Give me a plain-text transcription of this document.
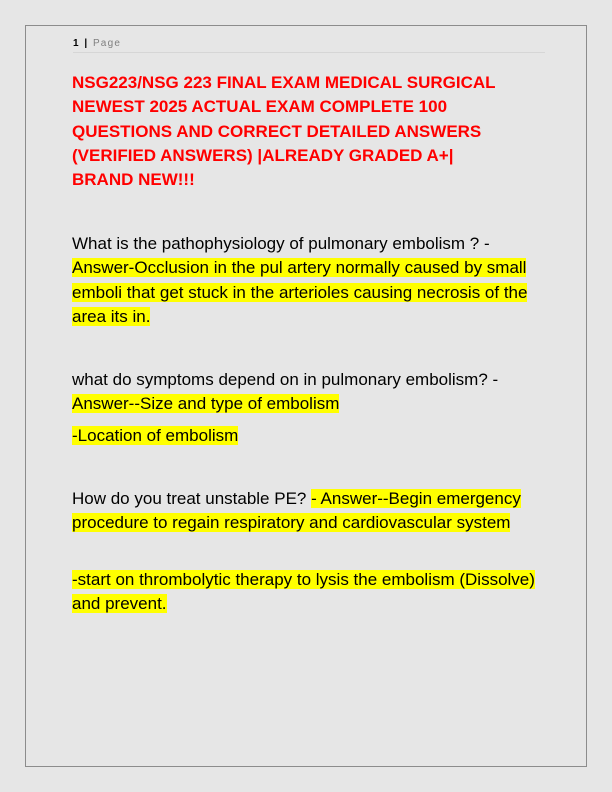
1 | Page
NSG223/NSG 223 FINAL EXAM MEDICAL SURGICAL
NEWEST 2025 ACTUAL EXAM COMPLETE 100
QUESTIONS AND CORRECT DETAILED ANSWERS
(VERIFIED ANSWERS) |ALREADY GRADED A+|
BRAND NEW!!!

What is the pathophysiology of pulmonary embolism ? -
Answer-Occlusion in the pul artery normally caused by small emboli that get stuck in the arterioles causing necrosis of the area its in.

what do symptoms depend on in pulmonary embolism? -
Answer--Size and type of embolism

-Location of embolism

How do you treat unstable PE? - Answer--Begin emergency procedure to regain respiratory and cardiovascular system

-start on thrombolytic therapy to lysis the embolism (Dissolve) and prevent.
